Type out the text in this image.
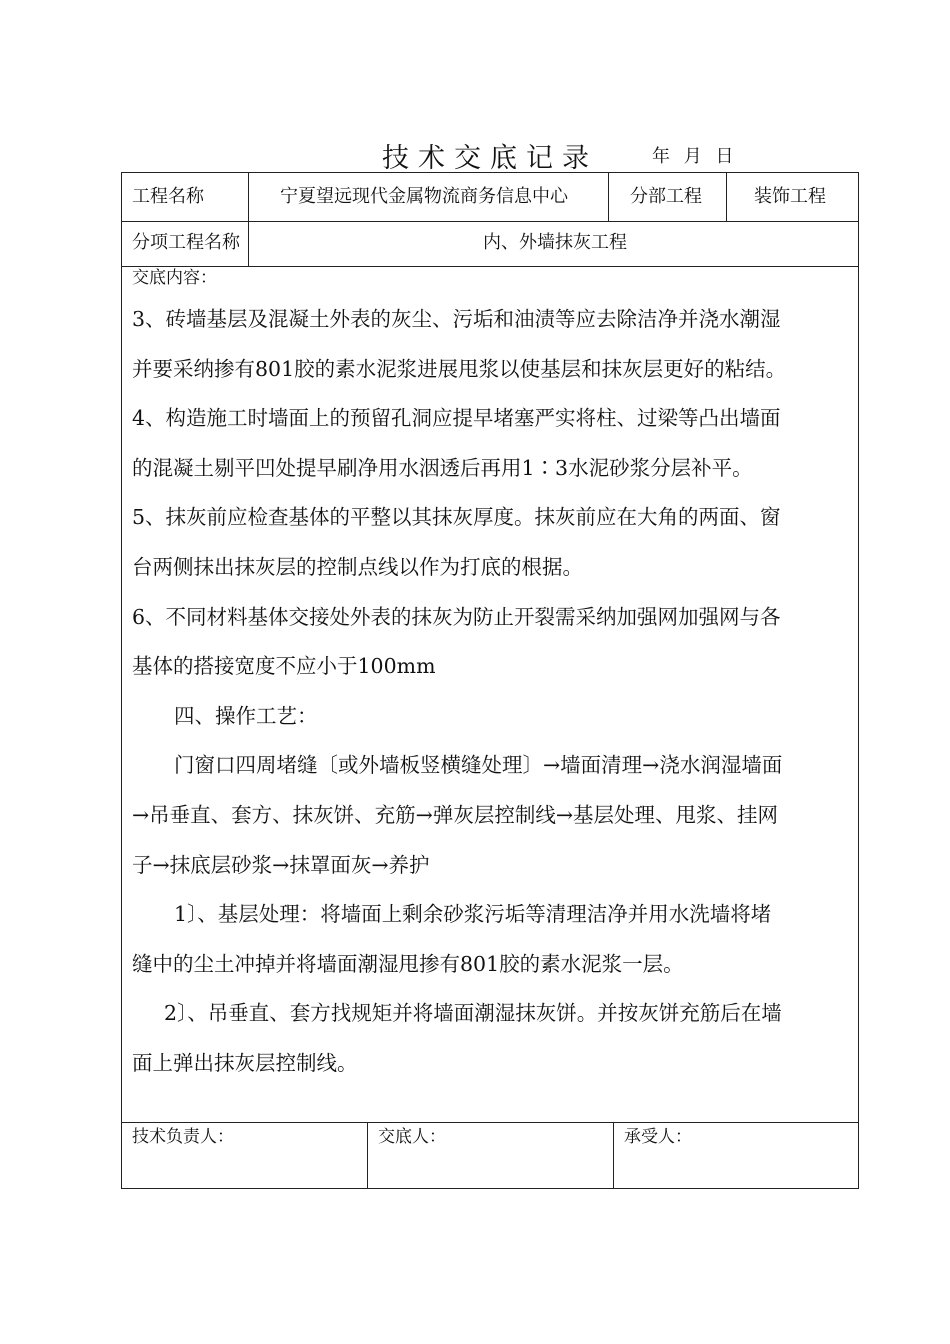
技术交底记录	年 月 日
工程名称	宁夏望远现代金属物流商务信息中心	分部工程	装饰工程
分项工程名称	内、外墙抹灰工程
交底内容：
3、砖墙基层及混凝土外表的灰尘、污垢和油渍等应去除洁净并浇水潮湿
并要采纳掺有801胶的素水泥浆进展甩浆以使基层和抹灰层更好的粘结。
4、构造施工时墙面上的预留孔洞应提早堵塞严实将柱、过梁等凸出墙面
的混凝土剔平凹处提早刷净用水洇透后再用1∶3水泥砂浆分层补平。
5、抹灰前应检查基体的平整以其抹灰厚度。抹灰前应在大角的两面、窗
台两侧抹出抹灰层的控制点线以作为打底的根据。
6、不同材料基体交接处外表的抹灰为防止开裂需采纳加强网加强网与各
基体的搭接宽度不应小于100mm
四、操作工艺：
门窗口四周堵缝〔或外墙板竖横缝处理〕→墙面清理→浇水润湿墙面
→吊垂直、套方、抹灰饼、充筋→弹灰层控制线→基层处理、甩浆、挂网
子→抹底层砂浆→抹罩面灰→养护
1〕、基层处理：将墙面上剩余砂浆污垢等清理洁净并用水洗墙将堵
缝中的尘土冲掉并将墙面潮湿甩掺有801胶的素水泥浆一层。
2〕、吊垂直、套方找规矩并将墙面潮湿抹灰饼。并按灰饼充筋后在墙
面上弹出抹灰层控制线。
技术负责人：	交底人：	承受人：
